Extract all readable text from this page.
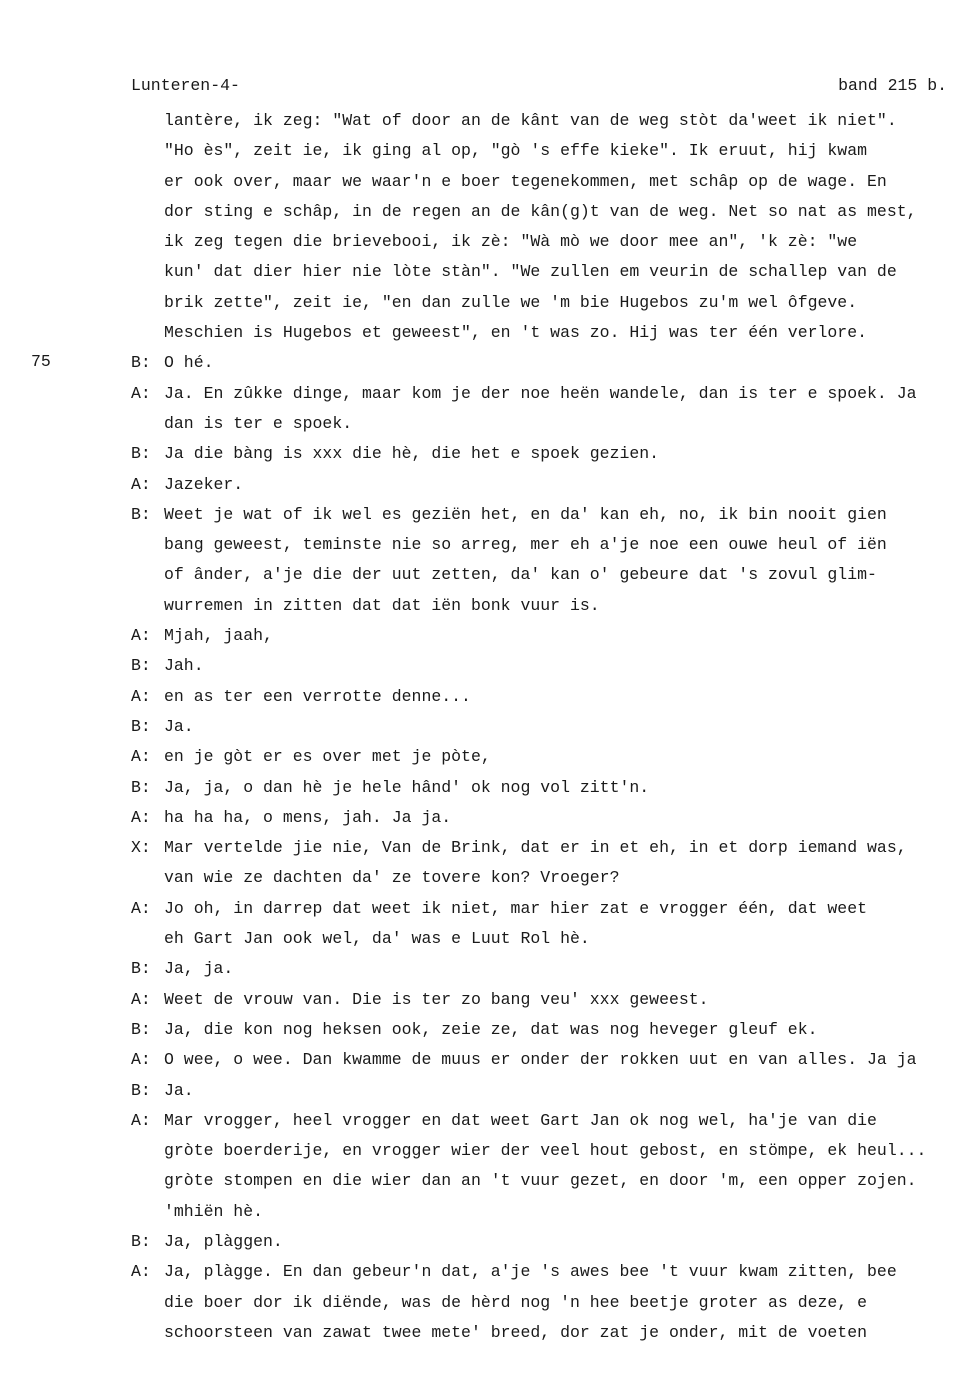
Lunteren-4-	band 215 b.
75
lantère, ik zeg: "Wat of door an de kânt van de weg stòt da'weet ik niet".
"Ho ès", zeit ie, ik ging al op, "gò 's effe kieke". Ik eruut, hij kwam
er ook over, maar we waar'n e boer tegenekommen, met schâp op de wage. En
dor sting e schâp, in de regen an de kân(g)t van de weg. Net so nat as mest,
ik zeg tegen die brievebooi, ik zè: "Wà mò we door mee an", 'k zè: "we
kun' dat dier hier nie lòte stàn". "We zullen em veurin de schallep van de
brik zette", zeit ie, "en dan zulle we 'm bie Hugebos zu'm wel ôfgeve.
Meschien is Hugebos et geweest", en 't was zo. Hij was ter één verlore.
B: O hé.
A: Ja. En zûkke dinge, maar kom je der noe heën wandele, dan is ter e spoek. Ja
dan is ter e spoek.
B: Ja die bàng is xxx die hè, die het e spoek gezien.
A: Jazeker.
B: Weet je wat of ik wel es geziën het, en da' kan eh, no, ik bin nooit gien
bang geweest, teminste nie so arreg, mer eh a'je noe een ouwe heul of iën
of ânder, a'je die der uut zetten, da' kan o' gebeure dat 's zovul glim-
wurremen in zitten dat dat iën bonk vuur is.
A: Mjah, jaah,
B: Jah.
A: en as ter een verrotte denne...
B: Ja.
A: en je gòt er es over met je pòte,
B: Ja, ja, o dan hè je hele hând' ok nog vol zitt'n.
A: ha ha ha, o mens, jah. Ja ja.
X: Mar vertelde jie nie, Van de Brink, dat er in et eh, in et dorp iemand was,
van wie ze dachten da' ze tovere kon? Vroeger?
A: Jo oh, in darrep dat weet ik niet, mar hier zat e vrogger één, dat weet
eh Gart Jan ook wel, da' was e Luut Rol hè.
B: Ja, ja.
A: Weet de vrouw van. Die is ter zo bang veu' xxx geweest.
B: Ja, die kon nog heksen ook, zeie ze, dat was nog heveger gleuf ek.
A: O wee, o wee. Dan kwamme de muus er onder der rokken uut en van alles. Ja ja
B: Ja.
A: Mar vrogger, heel vrogger en dat weet Gart Jan ok nog wel, ha'je van die
gròte boerderije, en vrogger wier der veel hout gebost, en stömpe, ek heul...
gròte stompen en die wier dan an 't vuur gezet, en door 'm, een opper zojen.
'mhiën hè.
B: Ja, plàggen.
A: Ja, plàgge. En dan gebeur'n dat, a'je 's awes bee 't vuur kwam zitten, bee
die boer dor ik diënde, was de hèrd nog 'n hee beetje groter as deze, e
schoorsteen van zawat twee mete' breed, dor zat je onder, mit de voeten
